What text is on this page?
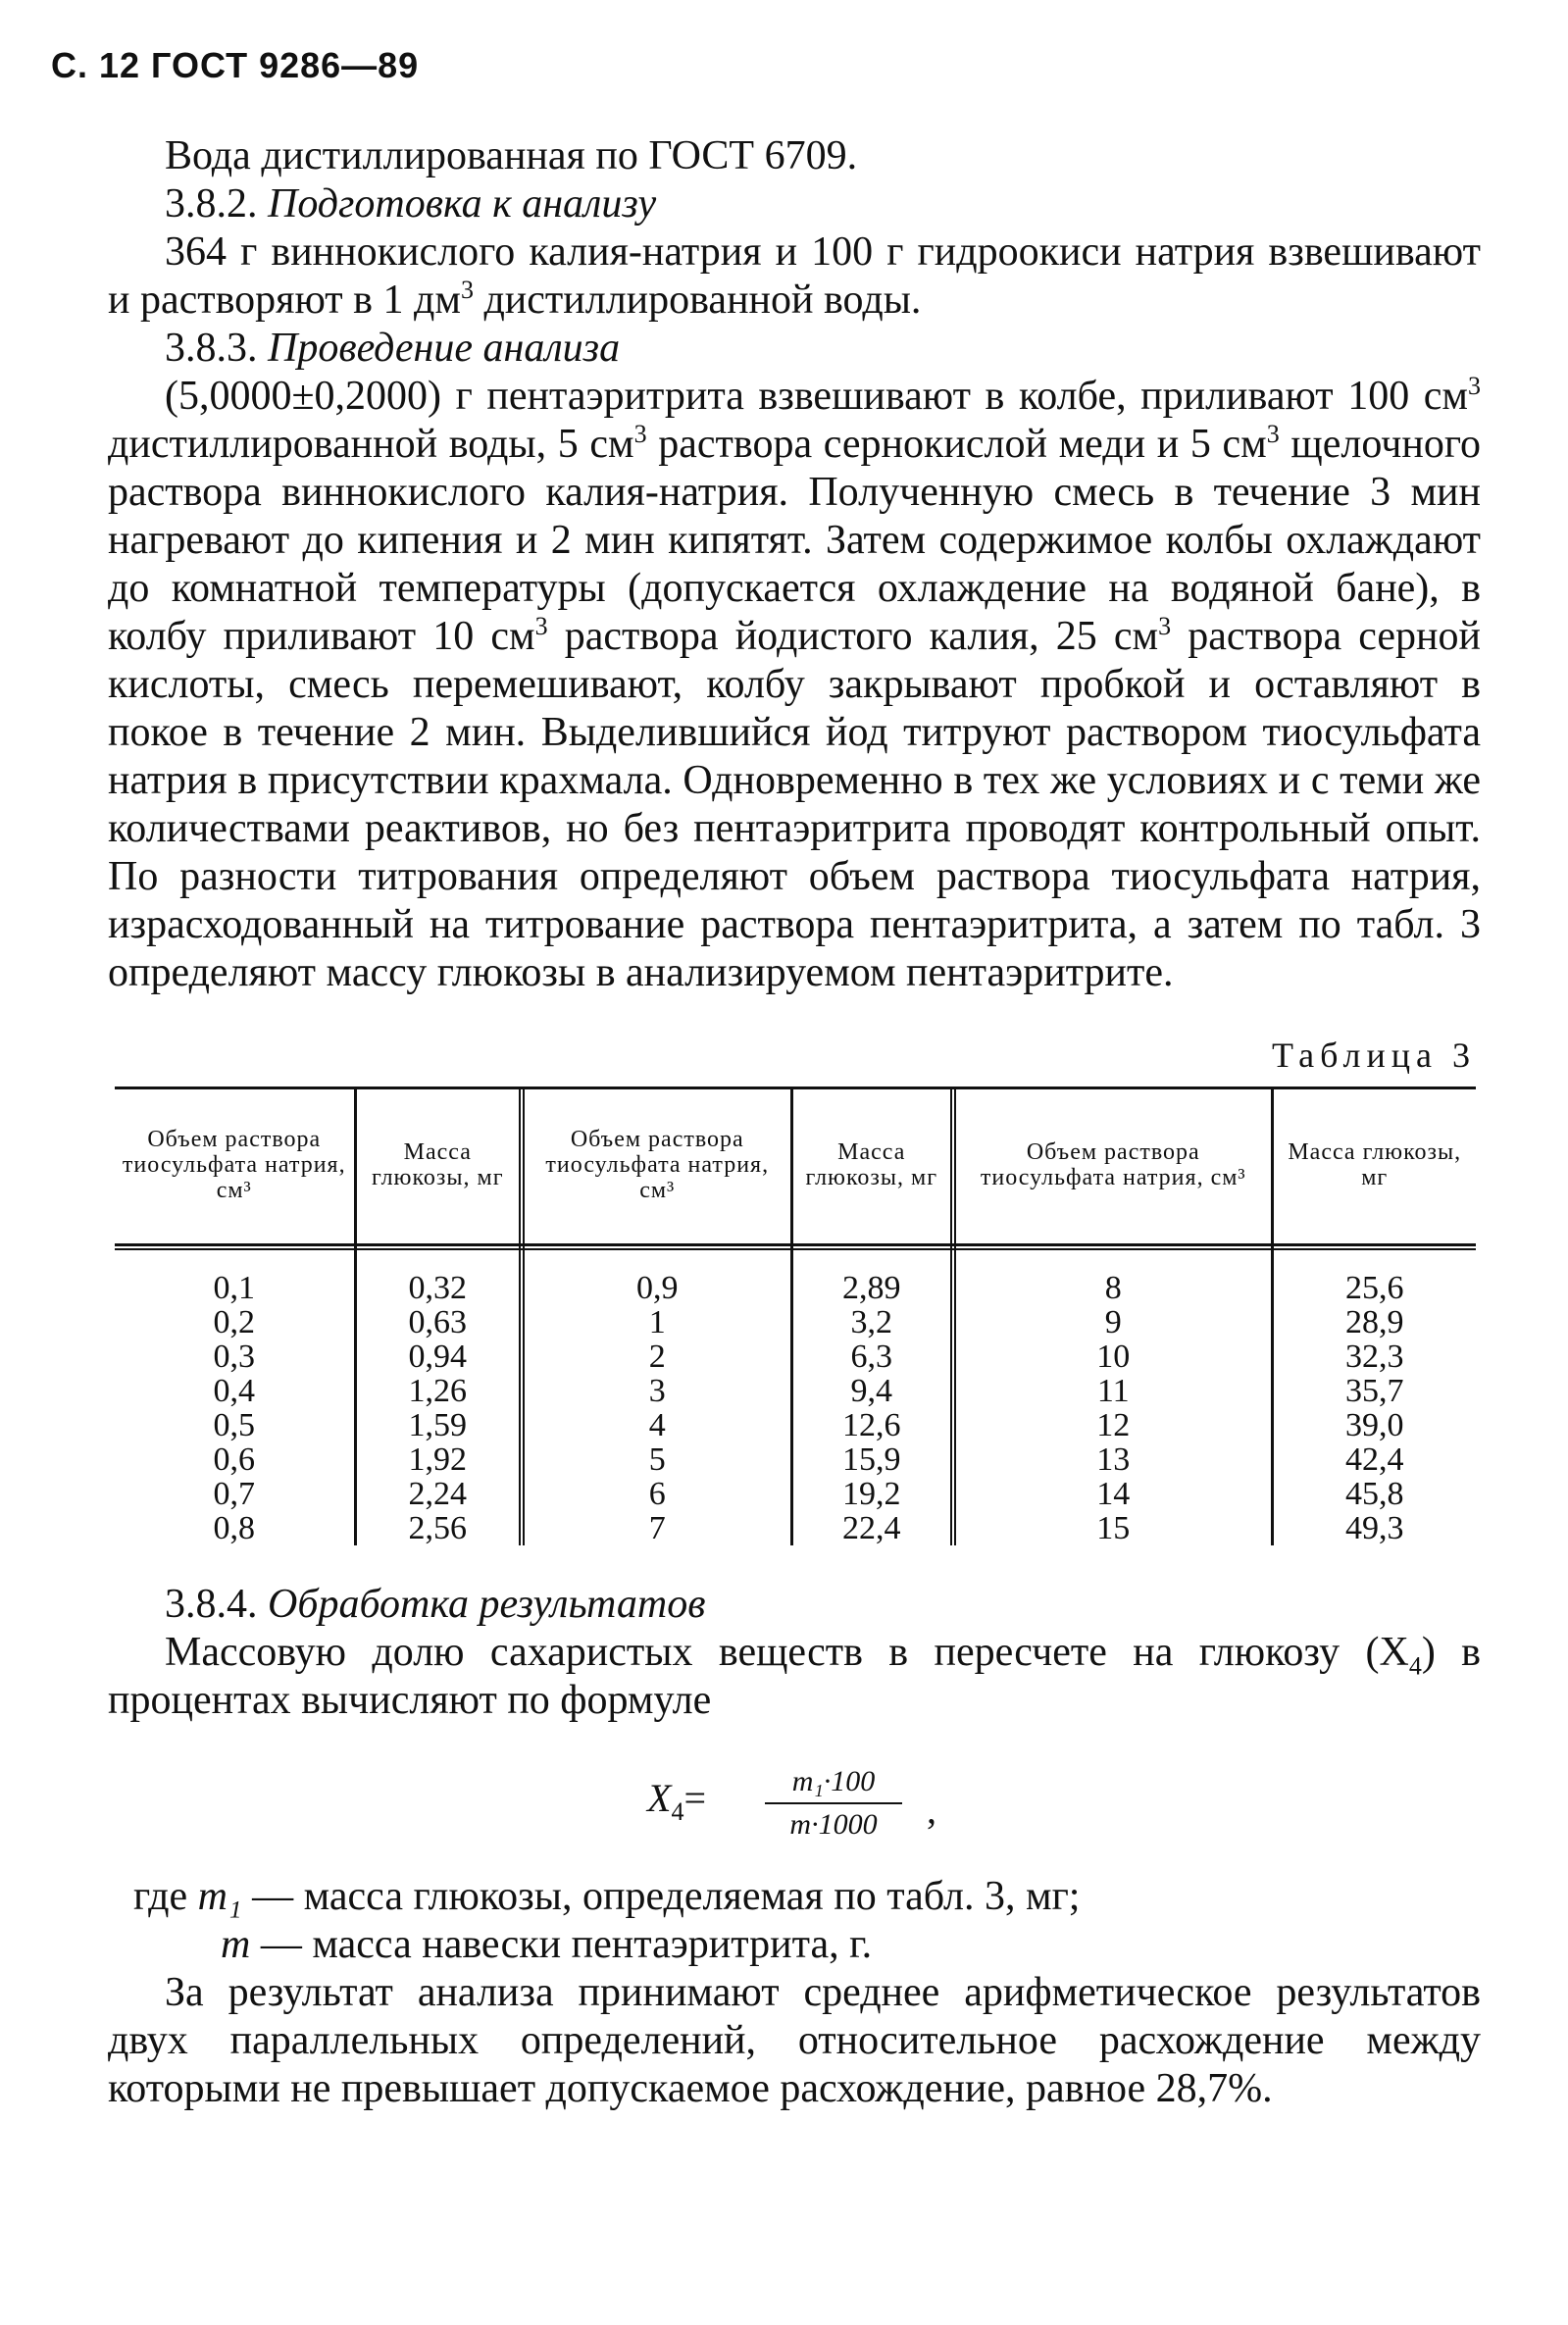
С. 12 ГОСТ 9286—89
Вода дистиллированная по ГОСТ 6709.
3.8.2. Подготовка к анализу
364 г виннокислого калия-натрия и 100 г гидроокиси натрия взвешивают и растворяют в 1 $дм^3$ дистиллированной воды.
3.8.3. Проведение анализа
(5,0000±0,2000) г пентаэритрита взвешивают в колбе, приливают 100 $см^3$ дистиллированной воды, 5 $см^3$ раствора сернокислой меди и 5 $см^3$ щелочного раствора виннокислого калия-натрия. Полученную смесь в течение 3 мин нагревают до кипения и 2 мин кипятят. Затем содержимое колбы охлаждают до комнатной температуры (допускается охлаждение на водяной бане), в колбу приливают 10 $см^3$ раствора йодистого калия, 25 $см^3$ раствора серной кислоты, смесь перемешивают, колбу закрывают пробкой и оставляют в покое в течение 2 мин. Выделившийся йод титруют раствором тиосульфата натрия в присутствии крахмала. Одновременно в тех же условиях и с теми же количествами реактивов, но без пентаэритрита проводят контрольный опыт. По разности титрования определяют объем раствора тиосульфата натрия, израсходованный на титрование раствора пентаэритрита, а затем по табл. 3 определяют массу глюкозы в анализируемом пентаэритрите.
Таблица 3
Объем раствора тиосульфата натрия, см³	Масса глюкозы, мг	Объем раствора тиосульфата натрия, см³	Масса глюкозы, мг	Объем раствора тиосульфата натрия, см³	Масса глюкозы, мг
0,1	0,32	0,9	2,89	8	25,6
0,2	0,63	1	3,2	9	28,9
0,3	0,94	2	6,3	10	32,3
0,4	1,26	3	9,4	11	35,7
0,5	1,59	4	12,6	12	39,0
0,6	1,92	5	15,9	13	42,4
0,7	2,24	6	19,2	14	45,8
0,8	2,56	7	22,4	15	49,3
3.8.4. Обработка результатов
Массовую долю сахаристых веществ в пересчете на глюкозу $(X_4)$ в процентах вычисляют по формуле
$X_4=$	m₁·100
m·1000	,
где m₁ — масса глюкозы, определяемая по табл. 3, мг;
m — масса навески пентаэритрита, г.
За результат анализа принимают среднее арифметическое результатов двух параллельных определений, относительное расхождение между которыми не превышает допускаемое расхождение, равное 28,7%.
